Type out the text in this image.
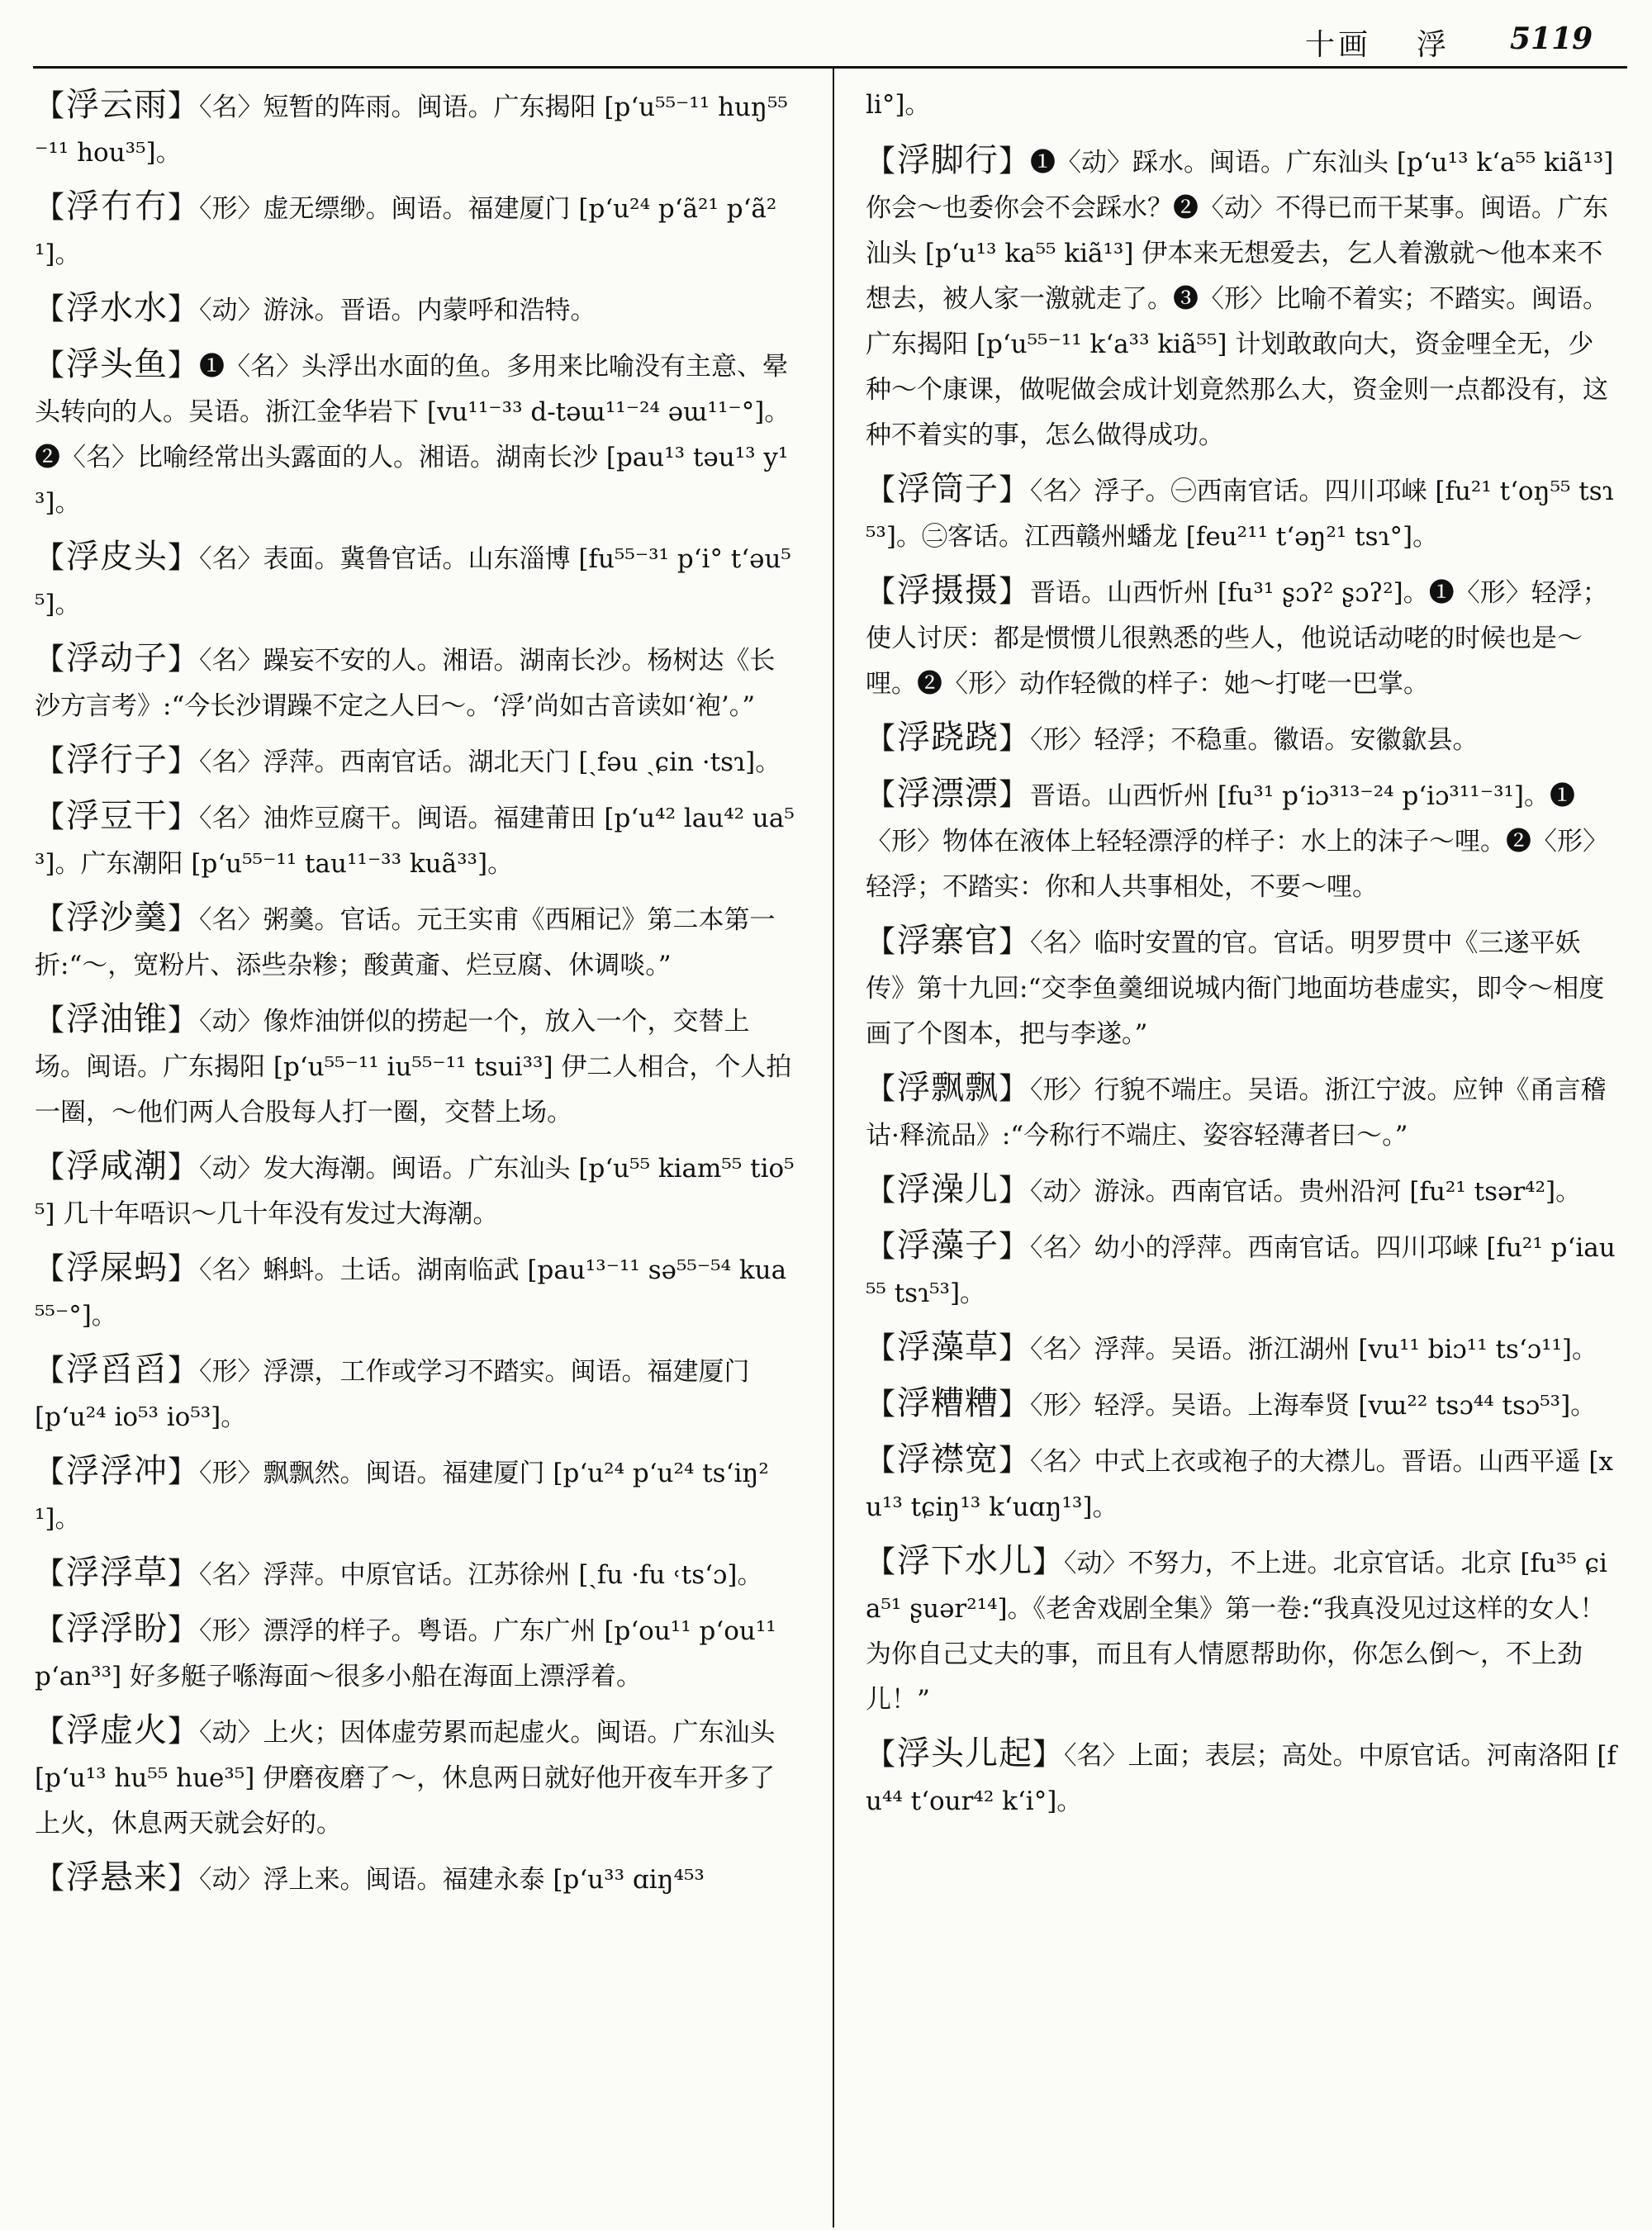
十画 浮 5119
【浮云雨】〈名〉短暂的阵雨。闽语。广东揭阳 [p‘u⁵⁵⁻¹¹ huŋ⁵⁵⁻¹¹ hou³⁵]。
【浮冇冇】〈形〉虚无缥缈。闽语。福建厦门 [p‘u²⁴ p‘ã²¹ p‘ã²¹]。
【浮水水】〈动〉游泳。晋语。内蒙呼和浩特。
【浮头鱼】❶〈名〉头浮出水面的鱼。多用来比喻没有主意、晕头转向的人。吴语。浙江金华岩下 [vu¹¹⁻³³ d-təɯ¹¹⁻²⁴ əɯ¹¹⁻°]。❷〈名〉比喻经常出头露面的人。湘语。湖南长沙 [pau¹³ təu¹³ y¹³]。
【浮皮头】〈名〉表面。冀鲁官话。山东淄博 [fu⁵⁵⁻³¹ p‘i° t‘əu⁵⁵]。
【浮动子】〈名〉躁妄不安的人。湘语。湖南长沙。杨树达《长沙方言考》:“今长沙谓躁不定之人曰～。‘浮’尚如古音读如‘袍’。”
【浮行子】〈名〉浮萍。西南官话。湖北天门 [ˏfəu ˏɕin ·tsɿ]。
【浮豆干】〈名〉油炸豆腐干。闽语。福建莆田 [p‘u⁴² lau⁴² ua⁵³]。广东潮阳 [p‘u⁵⁵⁻¹¹ tau¹¹⁻³³ kuã³³]。
【浮沙羹】〈名〉粥羹。官话。元王实甫《西厢记》第二本第一折:“～，宽粉片、添些杂糁；酸黄齑、烂豆腐、休调啖。”
【浮油锥】〈动〉像炸油饼似的捞起一个，放入一个，交替上场。闽语。广东揭阳 [p‘u⁵⁵⁻¹¹ iu⁵⁵⁻¹¹ tsui³³] 伊二人相合，个人拍一圈，～他们两人合股每人打一圈，交替上场。
【浮咸潮】〈动〉发大海潮。闽语。广东汕头 [p‘u⁵⁵ kiam⁵⁵ tio⁵⁵] 几十年唔识～几十年没有发过大海潮。
【浮屎蚂】〈名〉蝌蚪。土话。湖南临武 [pau¹³⁻¹¹ sə⁵⁵⁻⁵⁴ kua⁵⁵⁻°]。
【浮舀舀】〈形〉浮漂，工作或学习不踏实。闽语。福建厦门 [p‘u²⁴ io⁵³ io⁵³]。
【浮浮冲】〈形〉飘飘然。闽语。福建厦门 [p‘u²⁴ p‘u²⁴ ts‘iŋ²¹]。
【浮浮草】〈名〉浮萍。中原官话。江苏徐州 [ˏfu ·fu ˓ts‘ɔ]。
【浮浮盼】〈形〉漂浮的样子。粤语。广东广州 [p‘ou¹¹ p‘ou¹¹ p‘an³³] 好多艇子喺海面～很多小船在海面上漂浮着。
【浮虚火】〈动〉上火；因体虚劳累而起虚火。闽语。广东汕头 [p‘u¹³ hu⁵⁵ hue³⁵] 伊磨夜磨了～，休息两日就好他开夜车开多了上火，休息两天就会好的。
【浮悬来】〈动〉浮上来。闽语。福建永泰 [p‘u³³ ɑiŋ⁴⁵³
li°]。
【浮脚行】❶〈动〉踩水。闽语。广东汕头 [p‘u¹³ k‘a⁵⁵ kiã¹³] 你会～也委你会不会踩水？❷〈动〉不得已而干某事。闽语。广东汕头 [p‘u¹³ ka⁵⁵ kiã¹³] 伊本来无想爱去，乞人着激就～他本来不想去，被人家一激就走了。❸〈形〉比喻不着实；不踏实。闽语。广东揭阳 [p‘u⁵⁵⁻¹¹ k‘a³³ kiã⁵⁵] 计划敢敢向大，资金哩全无，少种～个康课，做呢做会成计划竟然那么大，资金则一点都没有，这种不着实的事，怎么做得成功。
【浮筒子】〈名〉浮子。㊀西南官话。四川邛崃 [fu²¹ t‘oŋ⁵⁵ tsɿ⁵³]。㊁客话。江西赣州蟠龙 [feu²¹¹ t‘əŋ²¹ tsɿ°]。
【浮摄摄】晋语。山西忻州 [fu³¹ ʂɔʔ² ʂɔʔ²]。❶〈形〉轻浮；使人讨厌：都是惯惯儿很熟悉的些人，他说话动咾的时候也是～哩。❷〈形〉动作轻微的样子：她～打咾一巴掌。
【浮跷跷】〈形〉轻浮；不稳重。徽语。安徽歙县。
【浮漂漂】晋语。山西忻州 [fu³¹ p‘iɔ³¹³⁻²⁴ p‘iɔ³¹¹⁻³¹]。❶〈形〉物体在液体上轻轻漂浮的样子：水上的沫子～哩。❷〈形〉轻浮；不踏实：你和人共事相处，不要～哩。
【浮寨官】〈名〉临时安置的官。官话。明罗贯中《三遂平妖传》第十九回:“交李鱼羹细说城内衙门地面坊巷虚实，即令～相度画了个图本，把与李遂。”
【浮飘飘】〈形〉行貌不端庄。吴语。浙江宁波。应钟《甬言稽诂·释流品》:“今称行不端庄、姿容轻薄者曰～。”
【浮澡儿】〈动〉游泳。西南官话。贵州沿河 [fu²¹ tsər⁴²]。
【浮藻子】〈名〉幼小的浮萍。西南官话。四川邛崃 [fu²¹ p‘iau⁵⁵ tsɿ⁵³]。
【浮藻草】〈名〉浮萍。吴语。浙江湖州 [vu¹¹ biɔ¹¹ ts‘ɔ¹¹]。
【浮糟糟】〈形〉轻浮。吴语。上海奉贤 [vɯ²² tsɔ⁴⁴ tsɔ⁵³]。
【浮襟宽】〈名〉中式上衣或袍子的大襟儿。晋语。山西平遥 [xu¹³ tɕiŋ¹³ k‘uɑŋ¹³]。
【浮下水儿】〈动〉不努力，不上进。北京官话。北京 [fu³⁵ ɕia⁵¹ ʂuər²¹⁴]。《老舍戏剧全集》第一卷:“我真没见过这样的女人！为你自己丈夫的事，而且有人情愿帮助你，你怎么倒～，不上劲儿！”
【浮头儿起】〈名〉上面；表层；高处。中原官话。河南洛阳 [fu⁴⁴ t‘our⁴² k‘i°]。
